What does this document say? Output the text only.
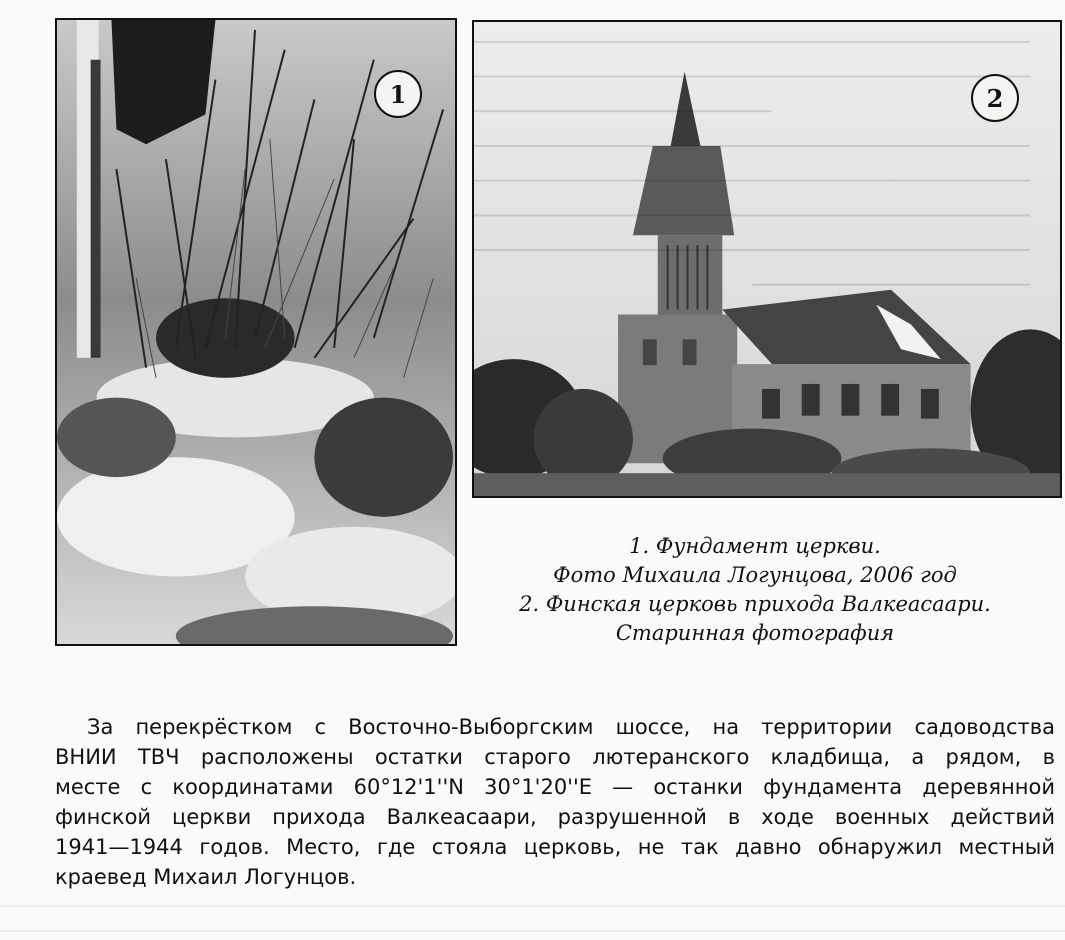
1	2
1. Фундамент церкви.
Фото Михаила Логунцова, 2006 год
2. Финская церковь прихода Валкеасаари.
Старинная фотография
За перекрёстком с Восточно-Выборгским шоссе, на территории садоводства
ВНИИ ТВЧ расположены остатки старого лютеранского кладбища, а рядом, в
месте с координатами 60°12'1''N 30°1'20''E — останки фундамента деревянной
финской церкви прихода Валкеасаари, разрушенной в ходе военных действий
1941—1944 годов. Место, где стояла церковь, не так давно обнаружил местный
краевед Михаил Логунцов.
